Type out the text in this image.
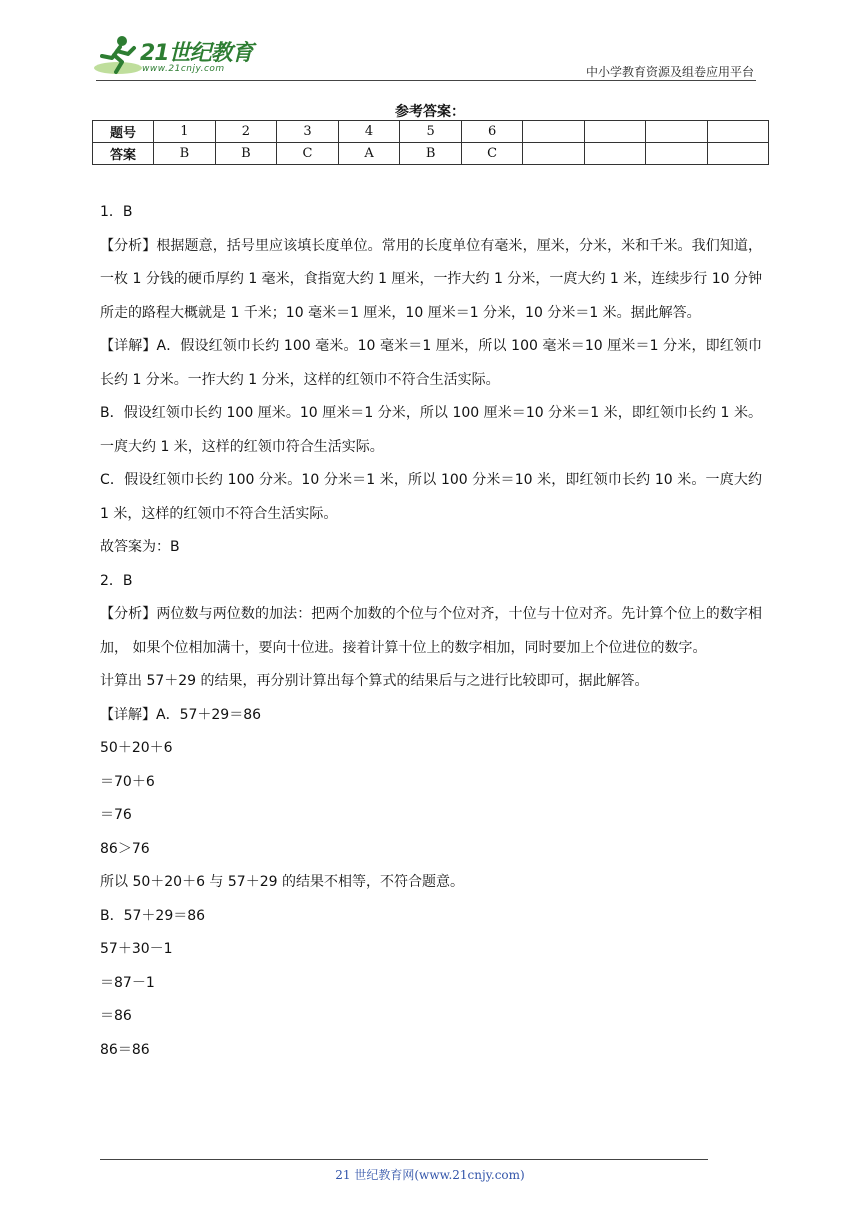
21世纪教育
www.21cnjy.com	中小学教育资源及组卷应用平台
参考答案：
题号	1	2	3	4	5	6				
答案	B	B	C	A	B	C				

1．B

【分析】根据题意，括号里应该填长度单位。常用的长度单位有毫米，厘米，分米，米和千米。我们知道，一枚 1 分钱的硬币厚约 1 毫米，食指宽大约 1 厘米，一拃大约 1 分米，一庹大约 1 米，连续步行 10 分钟所走的路程大概就是 1 千米；10 毫米＝1 厘米，10 厘米＝1 分米，10 分米＝1 米。据此解答。

【详解】A．假设红领巾长约 100 毫米。10 毫米＝1 厘米，所以 100 毫米＝10 厘米＝1 分米，即红领巾长约 1 分米。一拃大约 1 分米，这样的红领巾不符合生活实际。

B．假设红领巾长约 100 厘米。10 厘米＝1 分米，所以 100 厘米＝10 分米＝1 米，即红领巾长约 1 米。一庹大约 1 米，这样的红领巾符合生活实际。

C．假设红领巾长约 100 分米。10 分米＝1 米，所以 100 分米＝10 米，即红领巾长约 10 米。一庹大约 1 米，这样的红领巾不符合生活实际。

故答案为：B

2．B

【分析】两位数与两位数的加法：把两个加数的个位与个位对齐，十位与十位对齐。先计算个位上的数字相加， 如果个位相加满十，要向十位进。接着计算十位上的数字相加，同时要加上个位进位的数字。

计算出 57＋29 的结果，再分别计算出每个算式的结果后与之进行比较即可，据此解答。

【详解】A．57＋29＝86

50＋20＋6

＝70＋6

＝76

86＞76

所以 50＋20＋6 与 57＋29 的结果不相等，不符合题意。

B．57＋29＝86

57＋30－1

＝87－1

＝86

86＝86

21 世纪教育网(www.21cnjy.com)
